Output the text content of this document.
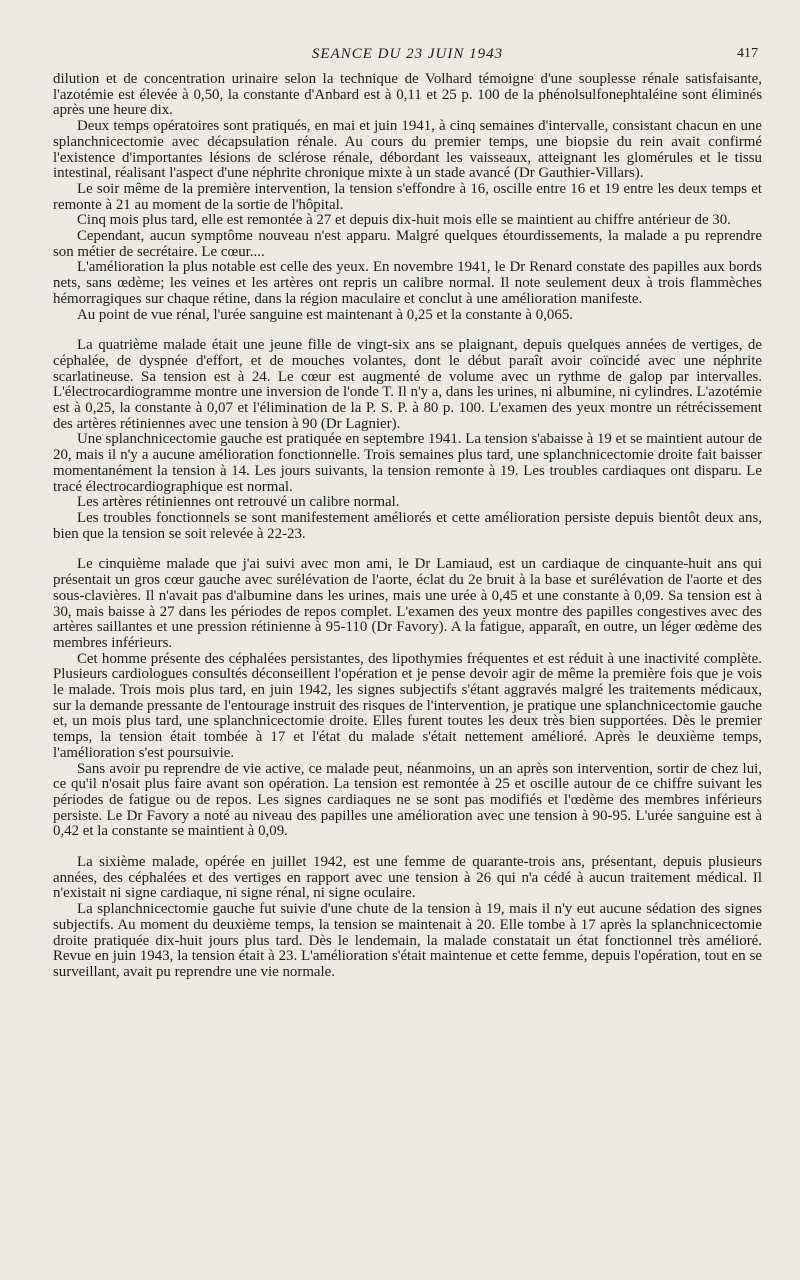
SEANCE DU 23 JUIN 1943	417

dilution et de concentration urinaire selon la technique de Volhard témoigne d'une souplesse rénale satisfaisante, l'azotémie est élevée à 0,50, la constante d'Anbard est à 0,11 et 25 p. 100 de la phénolsulfonephtaléine sont éliminés après une heure dix.

Deux temps opératoires sont pratiqués, en mai et juin 1941, à cinq semaines d'intervalle, consistant chacun en une splanchnicectomie avec décapsulation rénale. Au cours du premier temps, une biopsie du rein avait confirmé l'existence d'importantes lésions de sclérose rénale, débordant les vaisseaux, atteignant les glomérules et le tissu intestinal, réalisant l'aspect d'une néphrite chronique mixte à un stade avancé (Dr Gauthier-Villars).

Le soir même de la première intervention, la tension s'effondre à 16, oscille entre 16 et 19 entre les deux temps et remonte à 21 au moment de la sortie de l'hôpital.

Cinq mois plus tard, elle est remontée à 27 et depuis dix-huit mois elle se maintient au chiffre antérieur de 30.

Cependant, aucun symptôme nouveau n'est apparu. Malgré quelques étourdissements, la malade a pu reprendre son métier de secrétaire. Le cœur....

L'amélioration la plus notable est celle des yeux. En novembre 1941, le Dr Renard constate des papilles aux bords nets, sans œdème; les veines et les artères ont repris un calibre normal. Il note seulement deux à trois flammèches hémorragiques sur chaque rétine, dans la région maculaire et conclut à une amélioration manifeste.

Au point de vue rénal, l'urée sanguine est maintenant à 0,25 et la constante à 0,065.

La quatrième malade était une jeune fille de vingt-six ans se plaignant, depuis quelques années de vertiges, de céphalée, de dyspnée d'effort, et de mouches volantes, dont le début paraît avoir coïncidé avec une néphrite scarlatineuse. Sa tension est à 24. Le cœur est augmenté de volume avec un rythme de galop par intervalles. L'électrocardiogramme montre une inversion de l'onde T. Il n'y a, dans les urines, ni albumine, ni cylindres. L'azotémie est à 0,25, la constante à 0,07 et l'élimination de la P. S. P. à 80 p. 100. L'examen des yeux montre un rétrécissement des artères rétiniennes avec une tension à 90 (Dr Lagnier).

Une splanchnicectomie gauche est pratiquée en septembre 1941. La tension s'abaisse à 19 et se maintient autour de 20, mais il n'y a aucune amélioration fonctionnelle. Trois semaines plus tard, une splanchnicectomie droite fait baisser momentanément la tension à 14. Les jours suivants, la tension remonte à 19. Les troubles cardiaques ont disparu. Le tracé électrocardiographique est normal.

Les artères rétiniennes ont retrouvé un calibre normal.

Les troubles fonctionnels se sont manifestement améliorés et cette amélioration persiste depuis bientôt deux ans, bien que la tension se soit relevée à 22-23.

Le cinquième malade que j'ai suivi avec mon ami, le Dr Lamiaud, est un cardiaque de cinquante-huit ans qui présentait un gros cœur gauche avec surélévation de l'aorte, éclat du 2e bruit à la base et surélévation de l'aorte et des sous-clavières. Il n'avait pas d'albumine dans les urines, mais une urée à 0,45 et une constante à 0,09. Sa tension est à 30, mais baisse à 27 dans les périodes de repos complet. L'examen des yeux montre des papilles congestives avec des artères saillantes et une pression rétinienne à 95-110 (Dr Favory). A la fatigue, apparaît, en outre, un léger œdème des membres inférieurs.

Cet homme présente des céphalées persistantes, des lipothymies fréquentes et est réduit à une inactivité complète. Plusieurs cardiologues consultés déconseillent l'opération et je pense devoir agir de même la première fois que je vois le malade. Trois mois plus tard, en juin 1942, les signes subjectifs s'étant aggravés malgré les traitements médicaux, sur la demande pressante de l'entourage instruit des risques de l'intervention, je pratique une splanchnicectomie gauche et, un mois plus tard, une splanchnicectomie droite. Elles furent toutes les deux très bien supportées. Dès le premier temps, la tension était tombée à 17 et l'état du malade s'était nettement amélioré. Après le deuxième temps, l'amélioration s'est poursuivie.

Sans avoir pu reprendre de vie active, ce malade peut, néanmoins, un an après son intervention, sortir de chez lui, ce qu'il n'osait plus faire avant son opération. La tension est remontée à 25 et oscille autour de ce chiffre suivant les périodes de fatigue ou de repos. Les signes cardiaques ne se sont pas modifiés et l'œdème des membres inférieurs persiste. Le Dr Favory a noté au niveau des papilles une amélioration avec une tension à 90-95. L'urée sanguine est à 0,42 et la constante se maintient à 0,09.

La sixième malade, opérée en juillet 1942, est une femme de quarante-trois ans, présentant, depuis plusieurs années, des céphalées et des vertiges en rapport avec une tension à 26 qui n'a cédé à aucun traitement médical. Il n'existait ni signe cardiaque, ni signe rénal, ni signe oculaire.

La splanchnicectomie gauche fut suivie d'une chute de la tension à 19, mais il n'y eut aucune sédation des signes subjectifs. Au moment du deuxième temps, la tension se maintenait à 20. Elle tombe à 17 après la splanchnicectomie droite pratiquée dix-huit jours plus tard. Dès le lendemain, la malade constatait un état fonctionnel très amélioré. Revue en juin 1943, la tension était à 23. L'amélioration s'était maintenue et cette femme, depuis l'opération, tout en se surveillant, avait pu reprendre une vie normale.
